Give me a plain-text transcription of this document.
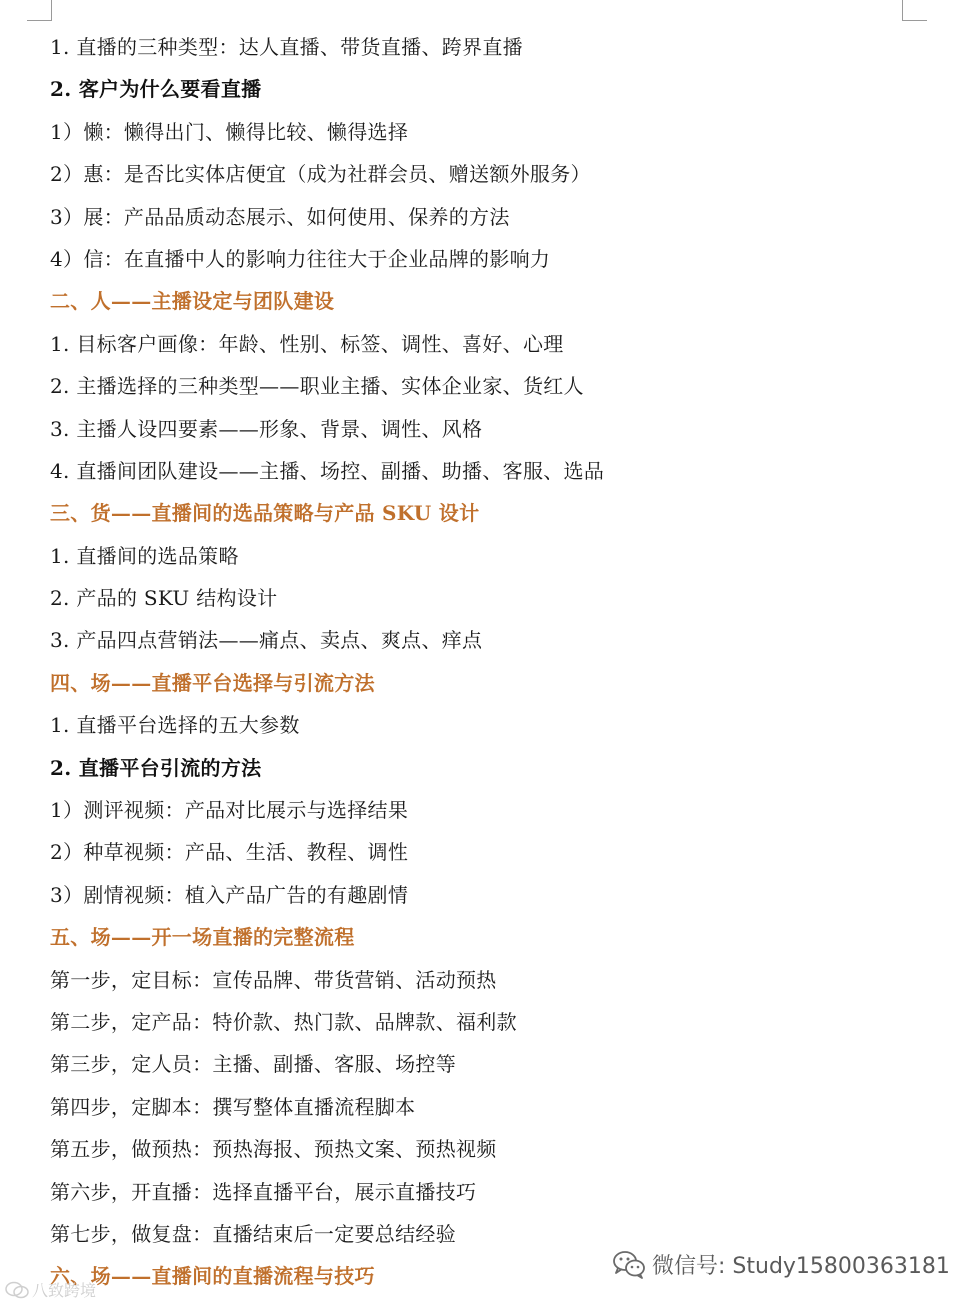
1. 直播的三种类型：达人直播、带货直播、跨界直播
2. 客户为什么要看直播
1）懒：懒得出门、懒得比较、懒得选择
2）惠：是否比实体店便宜（成为社群会员、赠送额外服务）
3）展：产品品质动态展示、如何使用、保养的方法
4）信：在直播中人的影响力往往大于企业品牌的影响力
二、人——主播设定与团队建设
1. 目标客户画像：年龄、性别、标签、调性、喜好、心理
2. 主播选择的三种类型——职业主播、实体企业家、货红人
3. 主播人设四要素——形象、背景、调性、风格
4. 直播间团队建设——主播、场控、副播、助播、客服、选品
三、货——直播间的选品策略与产品 SKU 设计
1. 直播间的选品策略
2. 产品的 SKU 结构设计
3. 产品四点营销法——痛点、卖点、爽点、痒点
四、场——直播平台选择与引流方法
1. 直播平台选择的五大参数
2. 直播平台引流的方法
1）测评视频：产品对比展示与选择结果
2）种草视频：产品、生活、教程、调性
3）剧情视频：植入产品广告的有趣剧情
五、场——开一场直播的完整流程
第一步，定目标：宣传品牌、带货营销、活动预热
第二步，定产品：特价款、热门款、品牌款、福利款
第三步，定人员：主播、副播、客服、场控等
第四步，定脚本：撰写整体直播流程脚本
第五步，做预热：预热海报、预热文案、预热视频
第六步，开直播：选择直播平台，展示直播技巧
第七步，做复盘：直播结束后一定要总结经验
六、场——直播间的直播流程与技巧	微信号: Study15800363181
八致跨境
